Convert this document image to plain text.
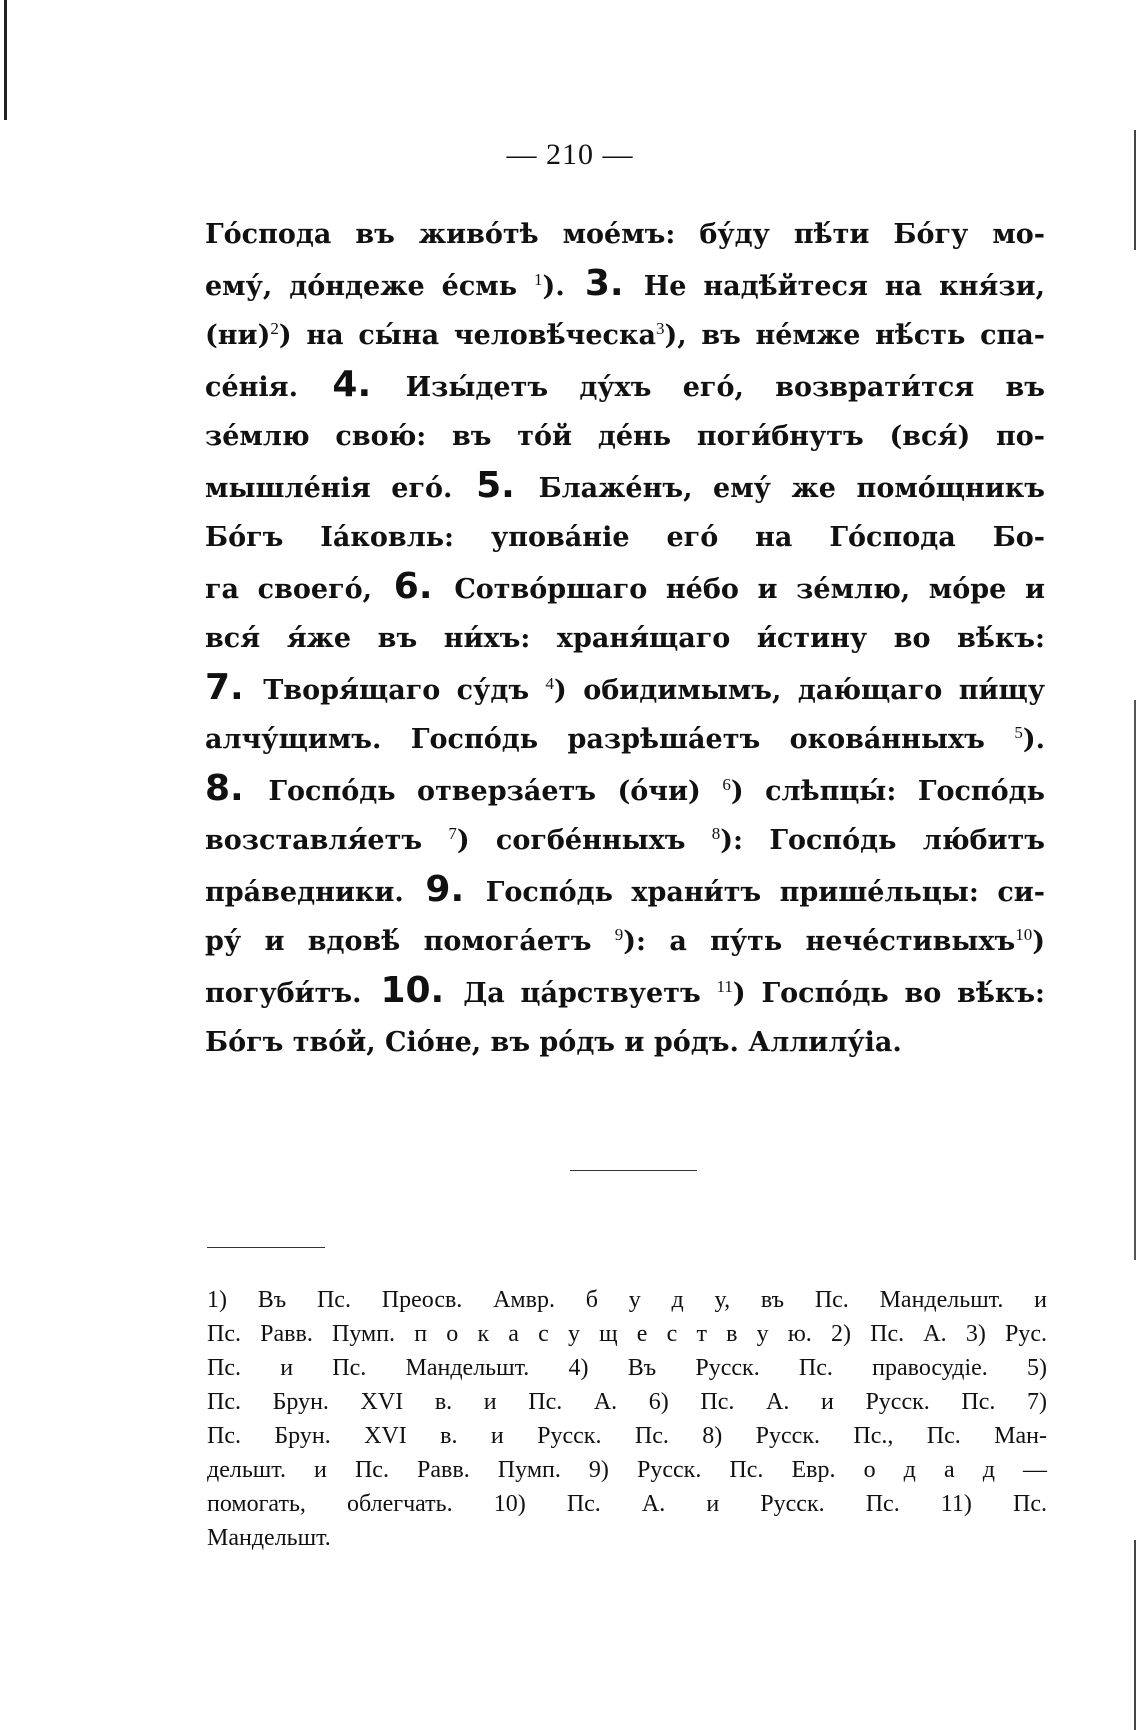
— 210 —
Го́спода въ живо́тѣ мое́мъ: бу́ду пѣ́ти Бо́гу мо-
ему́, до́ндеже е́смь $^1$). 3. Не надѣ́йтеся на кня́зи,
(ни)$^2$) на сы́на человѣ́ческа$^3$), въ не́мже нѣ́сть спа-
се́нія. 4. Изы́детъ ду́хъ его́, возврати́тся въ
зе́млю свою́: въ то́й де́нь поги́бнутъ (вся́) по-
мышле́нія его́. 5. Блаже́нъ, ему́ же помо́щникъ
Бо́гъ Іа́ковль: упова́ніе его́ на Го́спода Бо-
га своего́, 6. Сотво́ршаго не́бо и зе́млю, мо́ре и
вся́ я́же въ ни́хъ: храня́щаго и́стину во вѣ́къ:
7. Творя́щаго су́дъ $^4$) обидимымъ, даю́щаго пи́щу
алчу́щимъ. Госпо́дь разрѣша́етъ окова́нныхъ $^5$).
8. Госпо́дь отверза́етъ (о́чи) $^6$) слѣпцы́: Госпо́дь
возставля́етъ $^7$) согбе́нныхъ $^8$): Госпо́дь лю́битъ
пра́ведники. 9. Госпо́дь храни́тъ прише́льцы: си-
ру́ и вдовѣ́ помога́етъ $^9$): а пу́ть нече́стивыхъ$^{10}$)
погуби́тъ. 10. Да ца́рствуетъ $^{11}$) Госпо́дь во вѣ́къ:
Бо́гъ тво́й, Сіо́не, въ ро́дъ и ро́дъ. Аллилу́іа.
1) Въ Пс. Преосв. Амвр. б у д у, въ Пс. Мандельшт. и
Пс. Равв. Пумп. п о к а с у щ е с т в у ю. 2) Пс. А. 3) Рус.
Пс. и Пс. Мандельшт. 4) Въ Русск. Пс. правосудіе. 5)
Пс. Брун. XVI в. и Пс. А. 6) Пс. А. и Русск. Пс. 7)
Пс. Брун. XVI в. и Русск. Пс. 8) Русск. Пс., Пс. Ман-
дельшт. и Пс. Равв. Пумп. 9) Русск. Пс. Евр. о д а д —
помогать, облегчать. 10) Пс. А. и Русск. Пс. 11) Пс.
Мандельшт.
